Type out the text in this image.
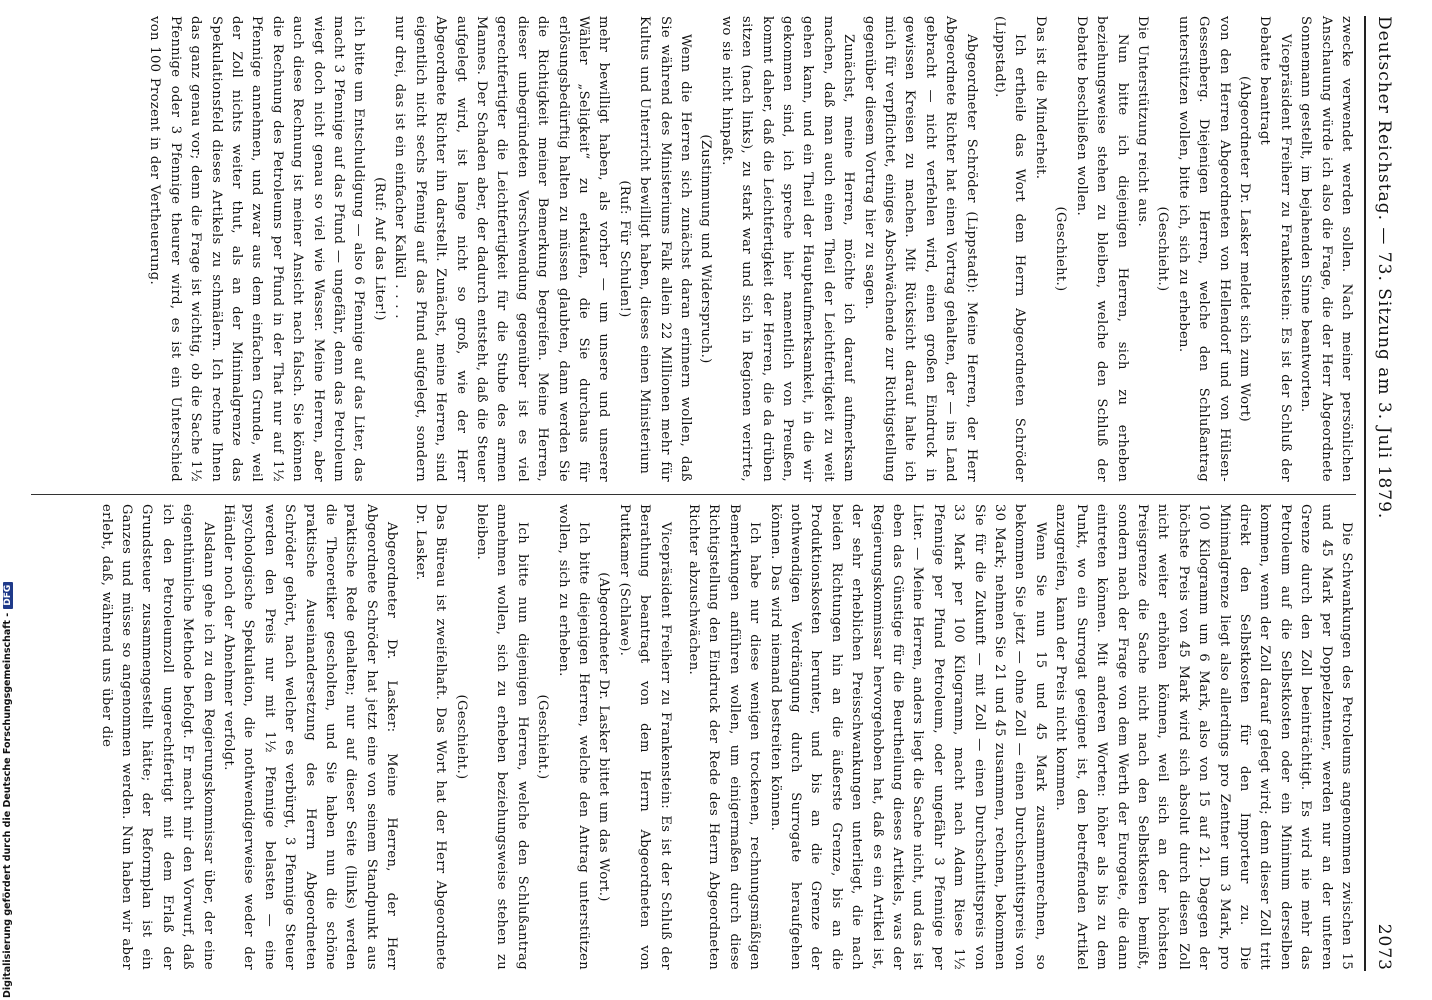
Deutscher Reichstag. — 73. Sitzung am 3. Juli 1879.
2073

zwecke verwendet werden sollen. Nach meiner persönlichen Anschauung würde ich also die Frage, die der Herr Abgeordnete Sonnemann gestellt, im bejahenden Sinne beantworten.

Vicepräsident Freiherr zu Frankenstein: Es ist der Schluß der Debatte beantragt

(Abgeordneter Dr. Lasker meldet sich zum Wort)

von den Herren Abgeordneten von Hellendorf und von Hülsen-Gessenberg. Diejenigen Herren, welche den Schlußantrag unterstützen wollen, bitte ich, sich zu erheben.

(Geschieht.)

Die Unterstützung reicht aus.

Nun bitte ich diejenigen Herren, sich zu erheben beziehungsweise stehen zu bleiben, welche den Schluß der Debatte beschließen wollen.

(Geschieht.)

Das ist die Minderheit.

Ich ertheile das Wort dem Herrn Abgeordneten Schröder (Lippstadt).

Abgeordneter Schröder (Lippstadt): Meine Herren, der Herr Abgeordnete Richter hat einen Vortrag gehalten, der — ins Land gebracht — nicht verfehlen wird, einen großen Eindruck in gewissen Kreisen zu machen. Mit Rücksicht darauf halte ich mich für verpflichtet, einiges Abschwächende zur Richtigstellung gegenüber diesem Vortrag hier zu sagen.

Zunächst, meine Herren, möchte ich darauf aufmerksam machen, daß man auch einen Theil der Leichtfertigkeit zu weit gehen kann, und ein Theil der Hauptaufmerksamkeit, in die wir gekommen sind, ich spreche hier namentlich von Preußen, kommt daher, daß die Leichtfertigkeit der Herren, die da drüben sitzen (nach links), zu stark war und sich in Regionen verirrte, wo sie nicht hinpaßt.

(Zustimmung und Widerspruch.)

Wenn die Herren sich zunächst daran erinnern wollen, daß Sie während des Ministeriums Falk allein 22 Millionen mehr für Kultus und Unterricht bewilligt haben, dieses einen Ministerium

(Ruf: Für Schulen!)

mehr bewilligt haben, als vorher — um unsere und unserer Wähler „Seligkeit“ zu erkaufen, die Sie durchaus für erlösungsbedürftig halten zu müssen glaubten, dann werden Sie die Richtigkeit meiner Bemerkung begreifen. Meine Herren, dieser unbegründeten Verschwendung gegenüber ist es viel gerechtfertigter die Leichtfertigkeit für die Stube des armen Mannes. Der Schaden aber, der dadurch entsteht, daß die Steuer aufgelegt wird, ist lange nicht so groß, wie der Herr Abgeordnete Richter ihn darstellt. Zunächst, meine Herren, sind eigentlich nicht sechs Pfennig auf das Pfund aufgelegt, sondern nur drei, das ist ein einfacher Kalkül . . . .

(Ruf: Auf das Liter!)

ich bitte um Entschuldigung — also 6 Pfennige auf das Liter, das macht 3 Pfennige auf das Pfund — ungefähr, denn das Petroleum wiegt doch nicht genau so viel wie Wasser. Meine Herren, aber auch diese Rechnung ist meiner Ansicht nach falsch. Sie können die Rechnung des Petroleums per Pfund in der That nur auf 1½ Pfennige annehmen, und zwar aus dem einfachen Grunde, weil der Zoll nichts weiter thut, als an der Minimalgrenze das Spekulationsfeld dieses Artikels zu schmälern. Ich rechne Ihnen das ganz genau vor; denn die Frage ist wichtig, ob die Sache 1½ Pfennige oder 3 Pfennige theurer wird, es ist ein Unterschied von 100 Prozent in der Vertheuerung.

Die Schwankungen des Petroleums angenommen zwischen 15 und 45 Mark per Doppelzentner, werden nur an der unteren Grenze durch den Zoll beeinträchtigt. Es wird nie mehr das Petroleum auf die Selbstkosten oder ein Minimum derselben kommen, wenn der Zoll darauf gelegt wird; denn dieser Zoll tritt direkt den Selbstkosten für den Importeur zu. Die Minimalgrenze liegt also allerdings pro Zentner um 3 Mark, pro 100 Kilogramm um 6 Mark, also von 15 auf 21. Dagegen der höchste Preis von 45 Mark wird sich absolut durch diesen Zoll nicht weiter erhöhen können, weil sich an der höchsten Preisgrenze die Sache nicht nach den Selbstkosten bemißt, sondern nach der Frage von dem Werth der Eurogate, die dann eintreten können. Mit anderen Worten: höher als bis zu dem Punkt, wo ein Surrogat geeignet ist, den betreffenden Artikel anzugreifen, kann der Preis nicht kommen.

Wenn Sie nun 15 und 45 Mark zusammenrechnen, so bekommen Sie jetzt — ohne Zoll — einen Durchschnittspreis von 30 Mark; nehmen Sie 21 und 45 zusammen, rechnen, bekommen Sie für die Zukunft — mit Zoll — einen Durchschnittspreis von 33 Mark per 100 Kilogramm, macht nach Adam Riese 1½ Pfennige per Pfund Petroleum, oder ungefähr 3 Pfennige per Liter. — Meine Herren, anders liegt die Sache nicht, und das ist eben das Günstige für die Beurtheilung dieses Artikels, was der Regierungskommissar hervorgehoben hat, daß es ein Artikel ist, der sehr erheblichen Preisschwankungen unterliegt, die nach beiden Richtungen hin an die äußerste Grenze, bis an die Produktionskosten herunter, und bis an die Grenze der nothwendigen Verdrängung durch Surrogate heraufgehen können. Das wird niemand bestreiten können.

Ich habe nur diese wenigen trockenen, rechnungsmäßigen Bemerkungen anführen wollen, um einigermaßen durch diese Richtigstellung den Eindruck der Rede des Herrn Abgeordneten Richter abzuschwächen.

Vicepräsident Freiherr zu Frankenstein: Es ist der Schluß der Berathung beantragt von dem Herrn Abgeordneten von Puttkamer (Schlawe).

(Abgeordneter Dr. Lasker bittet um das Wort.)

Ich bitte diejenigen Herren, welche den Antrag unterstützen wollen, sich zu erheben.

(Geschieht.)

Ich bitte nun diejenigen Herren, welche den Schlußantrag annehmen wollen, sich zu erheben beziehungsweise stehen zu bleiben.

(Geschieht.)

Das Büreau ist zweifelhaft. Das Wort hat der Herr Abgeordnete Dr. Lasker.

Abgeordneter Dr. Lasker: Meine Herren, der Herr Abgeordnete Schröder hat jetzt eine von seinem Standpunkt aus praktische Rede gehalten; nur auf dieser Seite (links) werden die Theoretiker gescholten, und Sie haben nun die schöne praktische Auseinandersetzung des Herrn Abgeordneten Schröder gehört, nach welcher es verbürgt, 3 Pfennige Steuer werden den Preis nur mit 1½ Pfennige belasten — eine psychologische Spekulation, die nothwendigerweise weder der Händler noch der Abnehmer verfolgt.

Alsdann gehe ich zu dem Regierungskommissar über, der eine eigenthümliche Methode befolgt. Er macht mir den Vorwurf, daß ich den Petroleumzoll ungerechtfertigt mit dem Erlaß der Grundsteuer zusammengestellt hätte; der Reformplan ist ein Ganzes und müsse so angenommen werden. Nun haben wir aber erlebt, daß, während uns über die

Digitalisierung gefördert durch die Deutsche Forschungsgemeinschaft -DFG
